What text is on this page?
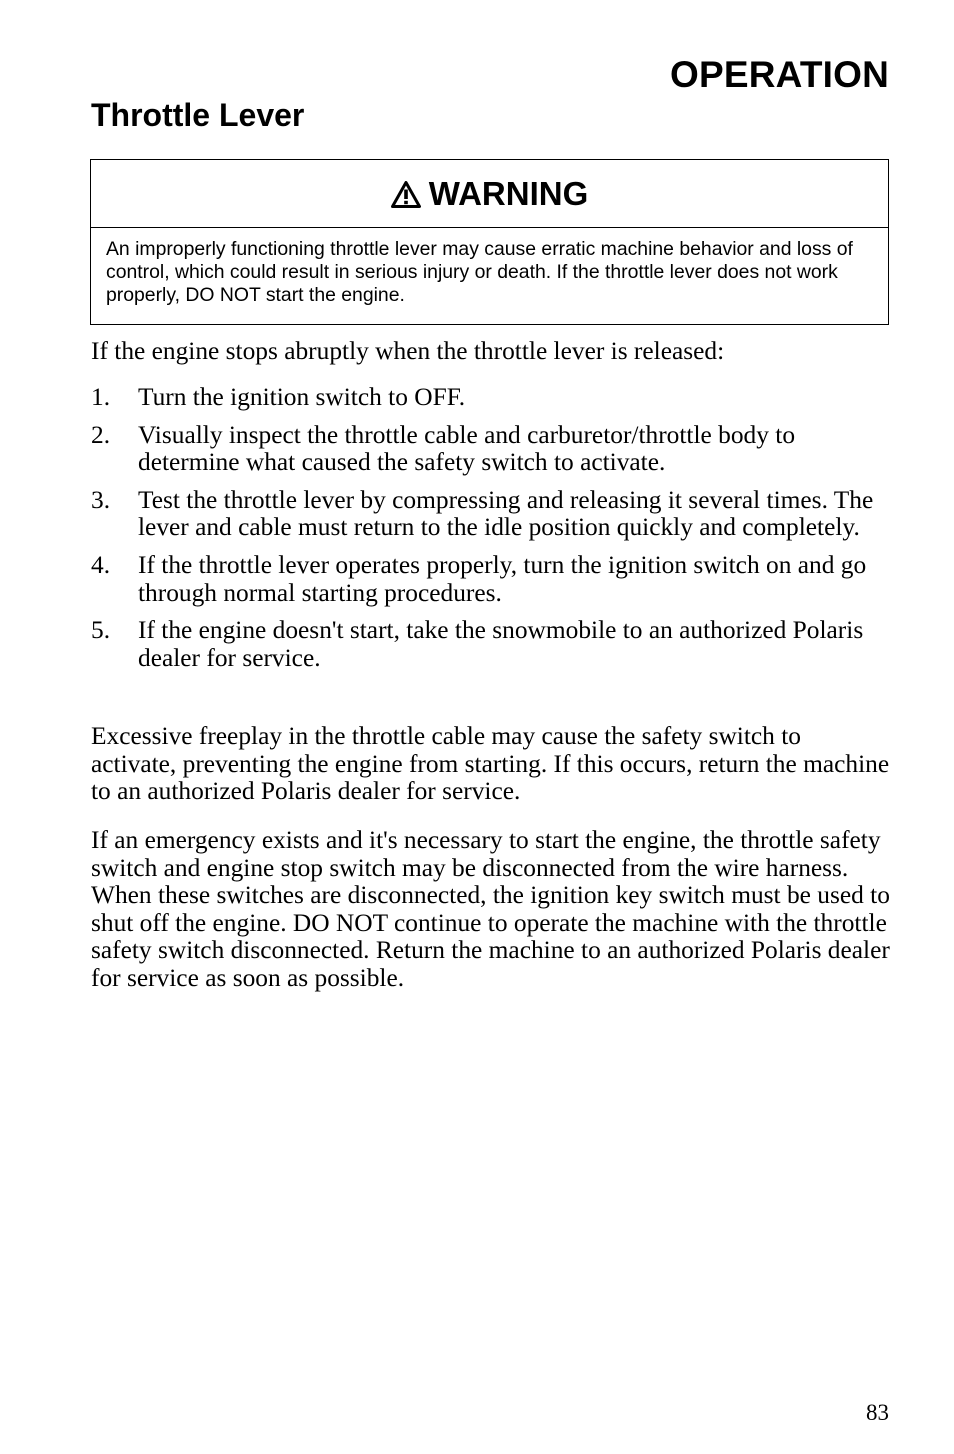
OPERATION
Throttle Lever
WARNING

An improperly functioning throttle lever may cause erratic machine behavior and loss of control, which could result in serious injury or death. If the throttle lever does not work properly, DO NOT start the engine.

If the engine stops abruptly when the throttle lever is released:

1. Turn the ignition switch to OFF.
2. Visually inspect the throttle cable and carburetor/throttle body to determine what caused the safety switch to activate.
3. Test the throttle lever by compressing and releasing it several times. The lever and cable must return to the idle position quickly and completely.
4. If the throttle lever operates properly, turn the ignition switch on and go through normal starting procedures.
5. If the engine doesn't start, take the snowmobile to an authorized Polaris dealer for service.

Excessive freeplay in the throttle cable may cause the safety switch to activate, preventing the engine from starting. If this occurs, return the machine to an authorized Polaris dealer for service.

If an emergency exists and it's necessary to start the engine, the throttle safety switch and engine stop switch may be disconnected from the wire harness. When these switches are disconnected, the ignition key switch must be used to shut off the engine. DO NOT continue to operate the machine with the throttle safety switch disconnected. Return the machine to an authorized Polaris dealer for service as soon as possible.

83
